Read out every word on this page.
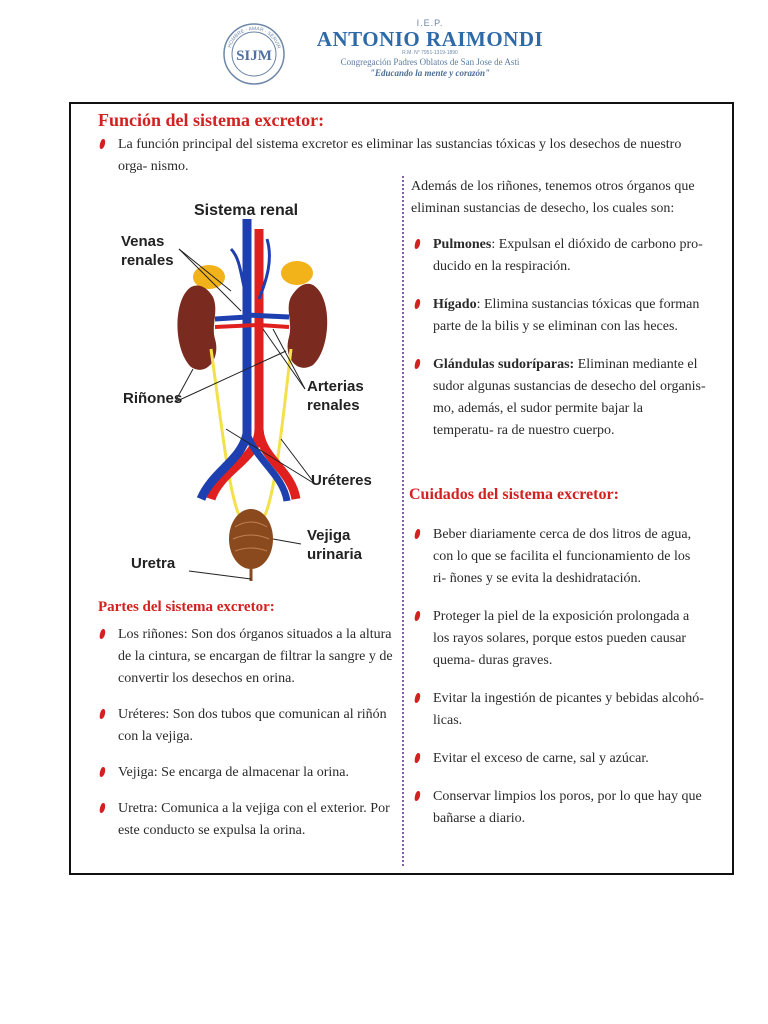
HOMBRE · AMAR · SERVIR
SIJM
I.E.P.
ANTONIO RAIMONDI
R.M. N° 7951-1319-1890
Congregación Padres Oblatos de San Jose de Asti
"Educando la mente y corazón"
Función del sistema excretor:
La función principal del sistema excretor es eliminar las sustancias tóxicas y los desechos de nuestro orga- nismo.
Sistema renal
Venas renales
Riñones
Arterias renales
Uréteres
Vejiga urinaria
Uretra
Partes del sistema excretor:
Los riñones: Son dos órganos situados a la altura de la cintura, se encargan de filtrar la sangre y de convertir los desechos en orina.
Uréteres: Son dos tubos que comunican al riñón con la vejiga.
Vejiga: Se encarga de almacenar la orina.
Uretra: Comunica a la vejiga con el exterior. Por este conducto se expulsa la orina.
Además de los riñones, tenemos otros órganos que eliminan sustancias de desecho, los cuales son:
Pulmones: Expulsan el dióxido de carbono pro- ducido en la respiración.
Hígado: Elimina sustancias tóxicas que forman parte de la bilis y se eliminan con las heces.
Glándulas sudoríparas: Eliminan mediante el sudor algunas sustancias de desecho del organis- mo, además, el sudor permite bajar la temperatu- ra de nuestro cuerpo.
Cuidados del sistema excretor:
Beber diariamente cerca de dos litros de agua, con lo que se facilita el funcionamiento de los ri- ñones y se evita la deshidratación.
Proteger la piel de la exposición prolongada a los rayos solares, porque estos pueden causar quema- duras graves.
Evitar la ingestión de picantes y bebidas alcohó- licas.
Evitar el exceso de carne, sal y azúcar.
Conservar limpios los poros, por lo que hay que bañarse a diario.
